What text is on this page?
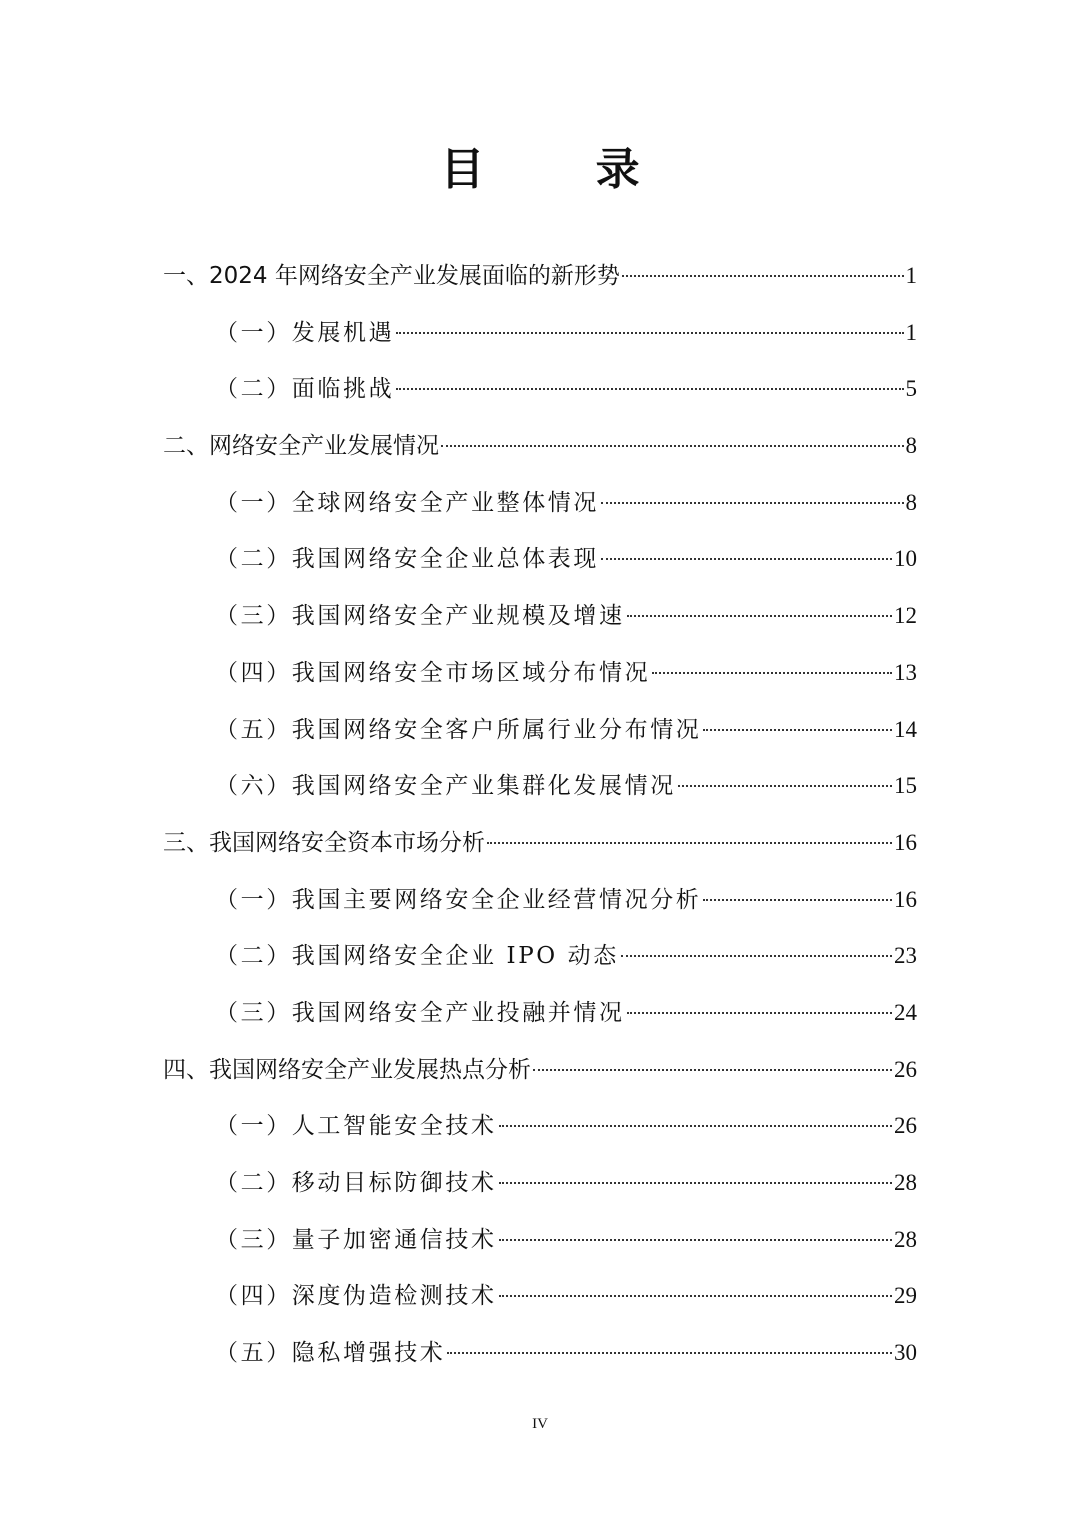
目 录
一、2024 年网络安全产业发展面临的新形势	1
（一）发展机遇	1
（二）面临挑战	5
二、网络安全产业发展情况	8
（一）全球网络安全产业整体情况	8
（二）我国网络安全企业总体表现	10
（三）我国网络安全产业规模及增速	12
（四）我国网络安全市场区域分布情况	13
（五）我国网络安全客户所属行业分布情况	14
（六）我国网络安全产业集群化发展情况	15
三、我国网络安全资本市场分析	16
（一）我国主要网络安全企业经营情况分析	16
（二）我国网络安全企业 IPO 动态	23
（三）我国网络安全产业投融并情况	24
四、我国网络安全产业发展热点分析	26
（一）人工智能安全技术	26
（二）移动目标防御技术	28
（三）量子加密通信技术	28
（四）深度伪造检测技术	29
（五）隐私增强技术	30
IV
